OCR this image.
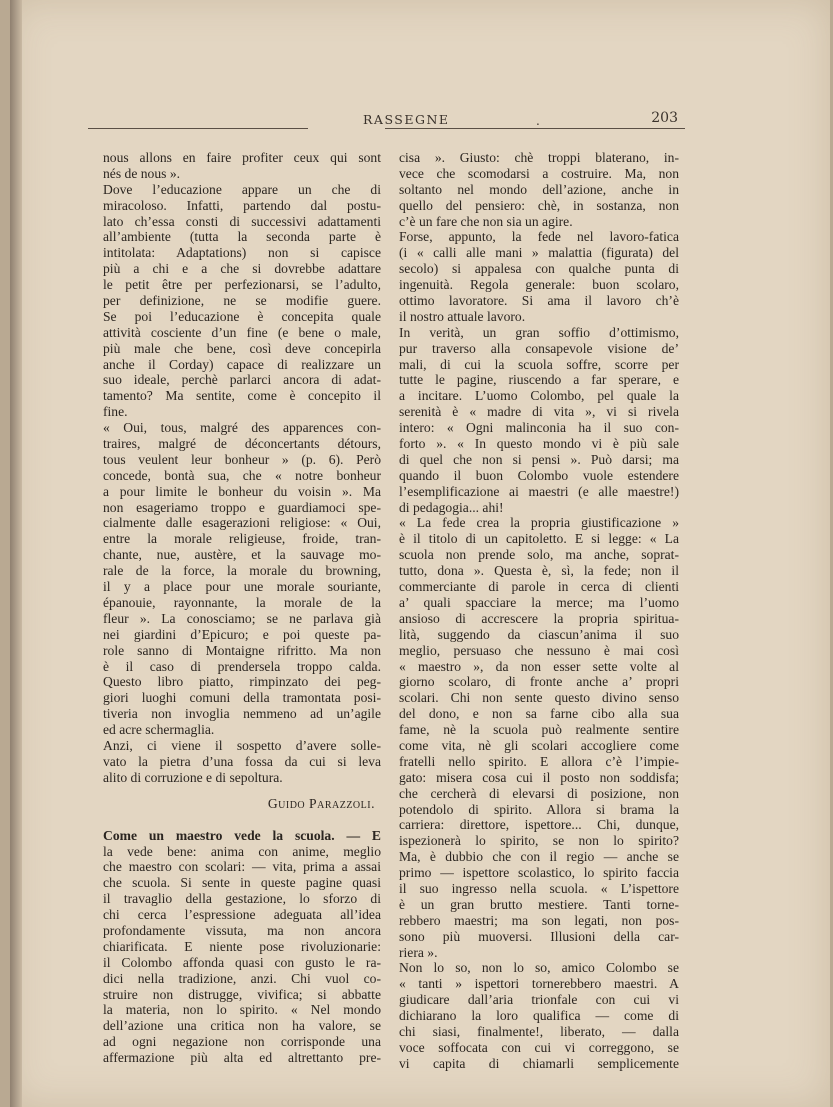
RASSEGNE	.	203
nous allons en faire profiter ceux qui sont
nés de nous ».
Dove l’educazione appare un che di
miracoloso. Infatti, partendo dal postu-
lato ch’essa consti di successivi adattamenti
all’ambiente (tutta la seconda parte è
intitolata: Adaptations) non si capisce
più a chi e a che si dovrebbe adattare
le petit être per perfezionarsi, se l’adulto,
per definizione, ne se modifie guere.
Se poi l’educazione è concepita quale
attività cosciente d’un fine (e bene o male,
più male che bene, così deve concepirla
anche il Corday) capace di realizzare un
suo ideale, perchè parlarci ancora di adat-
tamento? Ma sentite, come è concepito il
fine.
« Oui, tous, malgré des apparences con-
traires, malgré de déconcertants détours,
tous veulent leur bonheur » (p. 6). Però
concede, bontà sua, che « notre bonheur
a pour limite le bonheur du voisin ». Ma
non esageriamo troppo e guardiamoci spe-
cialmente dalle esagerazioni religiose: « Oui,
entre la morale religieuse, froide, tran-
chante, nue, austère, et la sauvage mo-
rale de la force, la morale du browning,
il y a place pour une morale souriante,
épanouie, rayonnante, la morale de la
fleur ». La conosciamo; se ne parlava già
nei giardini d’Epicuro; e poi queste pa-
role sanno di Montaigne rifritto. Ma non
è il caso di prendersela troppo calda.
Questo libro piatto, rimpinzato dei peg-
giori luoghi comuni della tramontata posi-
tiveria non invoglia nemmeno ad un’agile
ed acre schermaglia.
Anzi, ci viene il sospetto d’avere solle-
vato la pietra d’una fossa da cui si leva
alito di corruzione e di sepoltura.
Guido Parazzoli.
Come un maestro vede la scuola. — E
la vede bene: anima con anime, meglio
che maestro con scolari: — vita, prima a assai
che scuola. Si sente in queste pagine quasi
il travaglio della gestazione, lo sforzo di
chi cerca l’espressione adeguata all’idea
profondamente vissuta, ma non ancora
chiarificata. E niente pose rivoluzionarie:
il Colombo affonda quasi con gusto le ra-
dici nella tradizione, anzi. Chi vuol co-
struire non distrugge, vivifica; si abbatte
la materia, non lo spirito. « Nel mondo
dell’azione una critica non ha valore, se
ad ogni negazione non corrisponde una
affermazione più alta ed altrettanto pre-
cisa ». Giusto: chè troppi blaterano, in-
vece che scomodarsi a costruire. Ma, non
soltanto nel mondo dell’azione, anche in
quello del pensiero: chè, in sostanza, non
c’è un fare che non sia un agire.
Forse, appunto, la fede nel lavoro-fatica
(i « calli alle mani » malattia (figurata) del
secolo) si appalesa con qualche punta di
ingenuità. Regola generale: buon scolaro,
ottimo lavoratore. Si ama il lavoro ch’è
il nostro attuale lavoro.
In verità, un gran soffio d’ottimismo,
pur traverso alla consapevole visione de’
mali, di cui la scuola soffre, scorre per
tutte le pagine, riuscendo a far sperare, e
a incitare. L’uomo Colombo, pel quale la
serenità è « madre di vita », vi si rivela
intero: « Ogni malinconia ha il suo con-
forto ». « In questo mondo vi è più sale
di quel che non si pensi ». Può darsi; ma
quando il buon Colombo vuole estendere
l’esemplificazione ai maestri (e alle maestre!)
di pedagogia... ahi!
« La fede crea la propria giustificazione »
è il titolo di un capitoletto. E si legge: « La
scuola non prende solo, ma anche, soprat-
tutto, dona ». Questa è, sì, la fede; non il
commerciante di parole in cerca di clienti
a’ quali spacciare la merce; ma l’uomo
ansioso di accrescere la propria spiritua-
lità, suggendo da ciascun’anima il suo
meglio, persuaso che nessuno è mai così
« maestro », da non esser sette volte al
giorno scolaro, di fronte anche a’ propri
scolari. Chi non sente questo divino senso
del dono, e non sa farne cibo alla sua
fame, nè la scuola può realmente sentire
come vita, nè gli scolari accogliere come
fratelli nello spirito. E allora c’è l’impie-
gato: misera cosa cui il posto non soddisfa;
che cercherà di elevarsi di posizione, non
potendolo di spirito. Allora si brama la
carriera: direttore, ispettore... Chi, dunque,
ispezionerà lo spirito, se non lo spirito?
Ma, è dubbio che con il regio — anche se
primo — ispettore scolastico, lo spirito faccia
il suo ingresso nella scuola. « L’ispettore
è un gran brutto mestiere. Tanti torne-
rebbero maestri; ma son legati, non pos-
sono più muoversi. Illusioni della car-
riera ».
Non lo so, non lo so, amico Colombo se
« tanti » ispettori tornerebbero maestri. A
giudicare dall’aria trionfale con cui vi
dichiarano la loro qualifica — come di
chi siasi, finalmente!, liberato, — dalla
voce soffocata con cui vi correggono, se
vi capita di chiamarli semplicemente
